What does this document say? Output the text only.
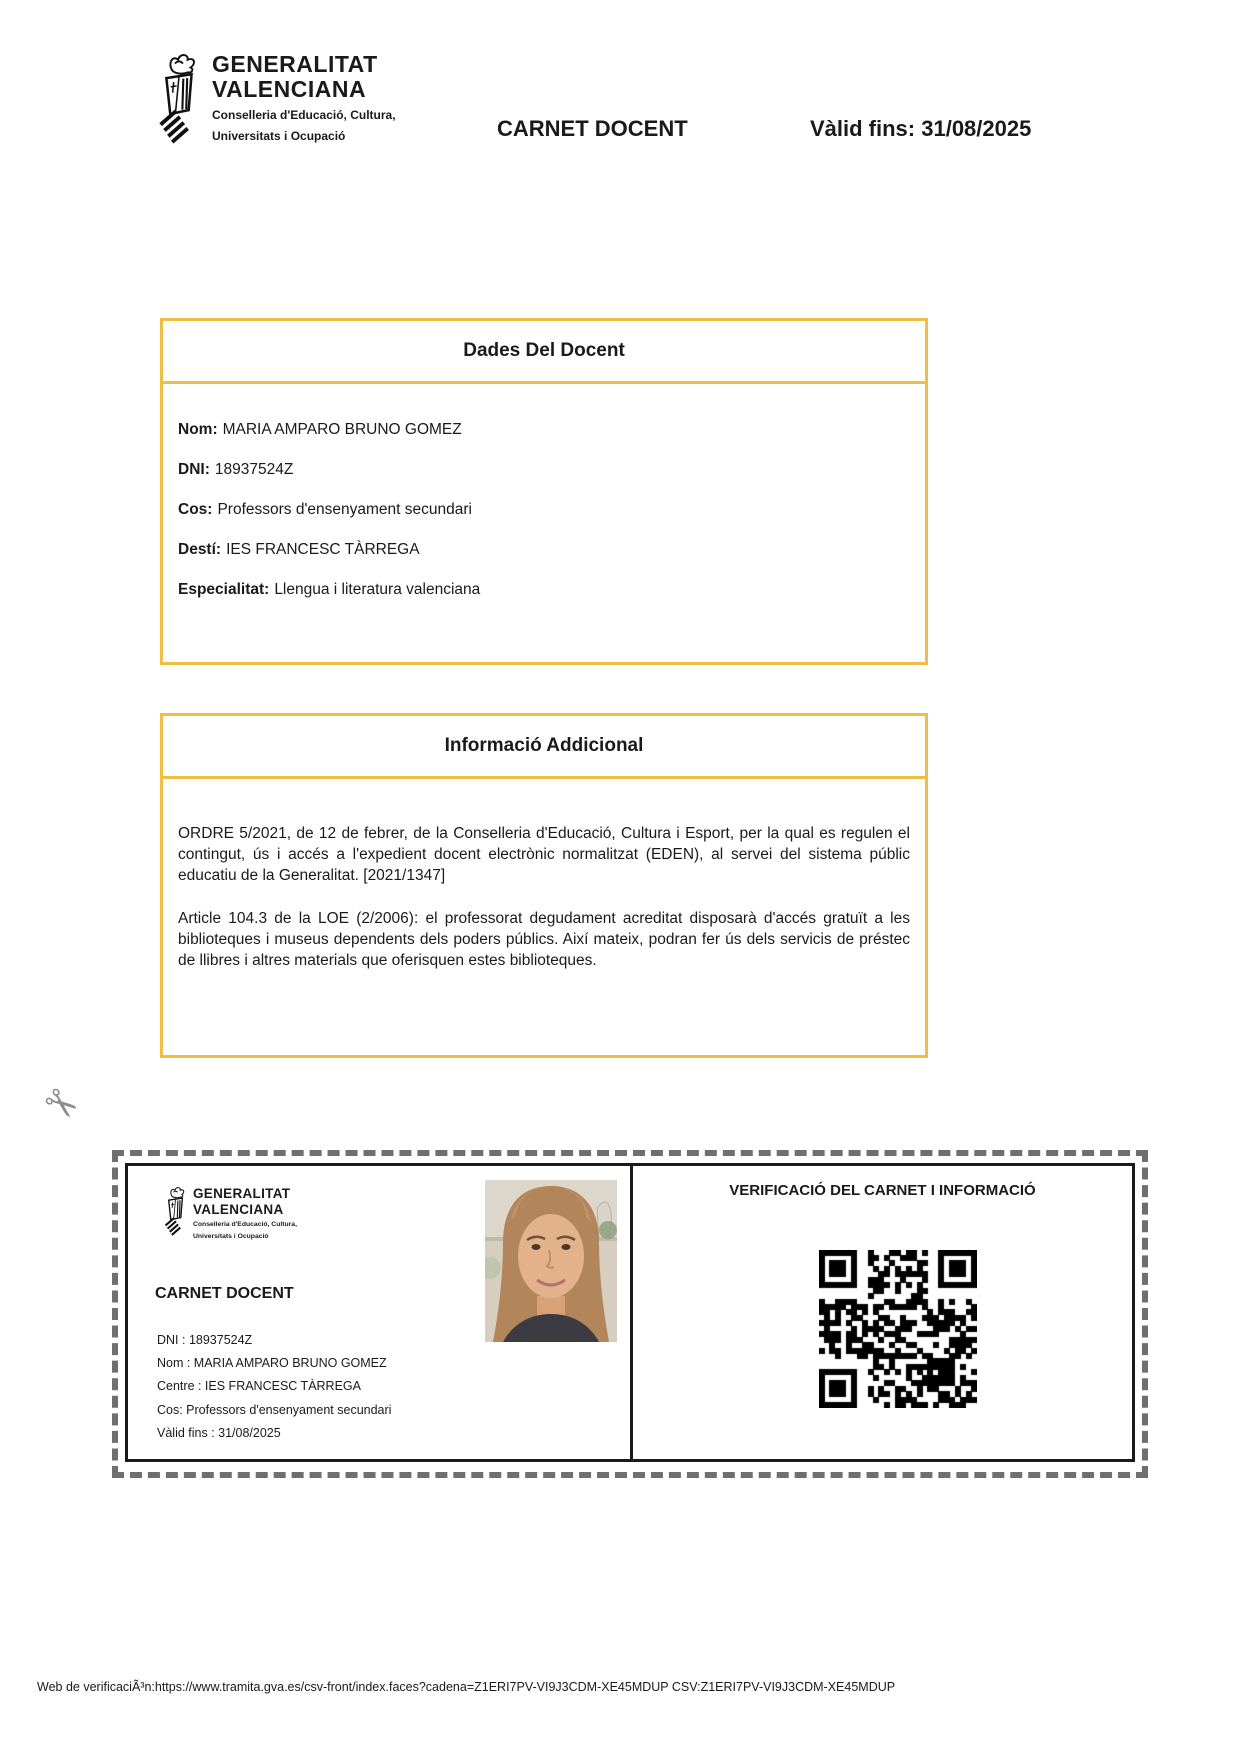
GENERALITAT
VALENCIANA
Conselleria d'Educació, Cultura,
Universitats i Ocupació	CARNET DOCENT	Vàlid fins: 31/08/2025
Dades Del Docent
Nom: MARIA AMPARO BRUNO GOMEZ
DNI: 18937524Z
Cos: Professors d'ensenyament secundari
Destí: IES FRANCESC TÀRREGA
Especialitat: Llengua i literatura valenciana
Informació Addicional

ORDRE 5/2021, de 12 de febrer, de la Conselleria d'Educació, Cultura i Esport, per la qual es regulen el contingut, ús i accés a l'expedient docent electrònic normalitzat (EDEN), al servei del sistema públic educatiu de la Generalitat. [2021/1347]

Article 104.3 de la LOE (2/2006): el professorat degudament acreditat disposarà d'accés gratuït a les biblioteques i museus dependents dels poders públics. Així mateix, podran fer ús dels servicis de préstec de llibres i altres materials que oferisquen estes biblioteques.

✂
GENERALITAT
VALENCIANA
Conselleria d'Educació, Cultura,
Universitats i Ocupació
CARNET DOCENT
DNI : 18937524Z
Nom : MARIA AMPARO BRUNO GOMEZ
Centre : IES FRANCESC TÀRREGA
Cos: Professors d'ensenyament secundari
Vàlid fins : 31/08/2025
VERIFICACIÓ DEL CARNET I INFORMACIÓ
Web de verificaciÃ³n:https://www.tramita.gva.es/csv-front/index.faces?cadena=Z1ERI7PV-VI9J3CDM-XE45MDUP CSV:Z1ERI7PV-VI9J3CDM-XE45MDUP
